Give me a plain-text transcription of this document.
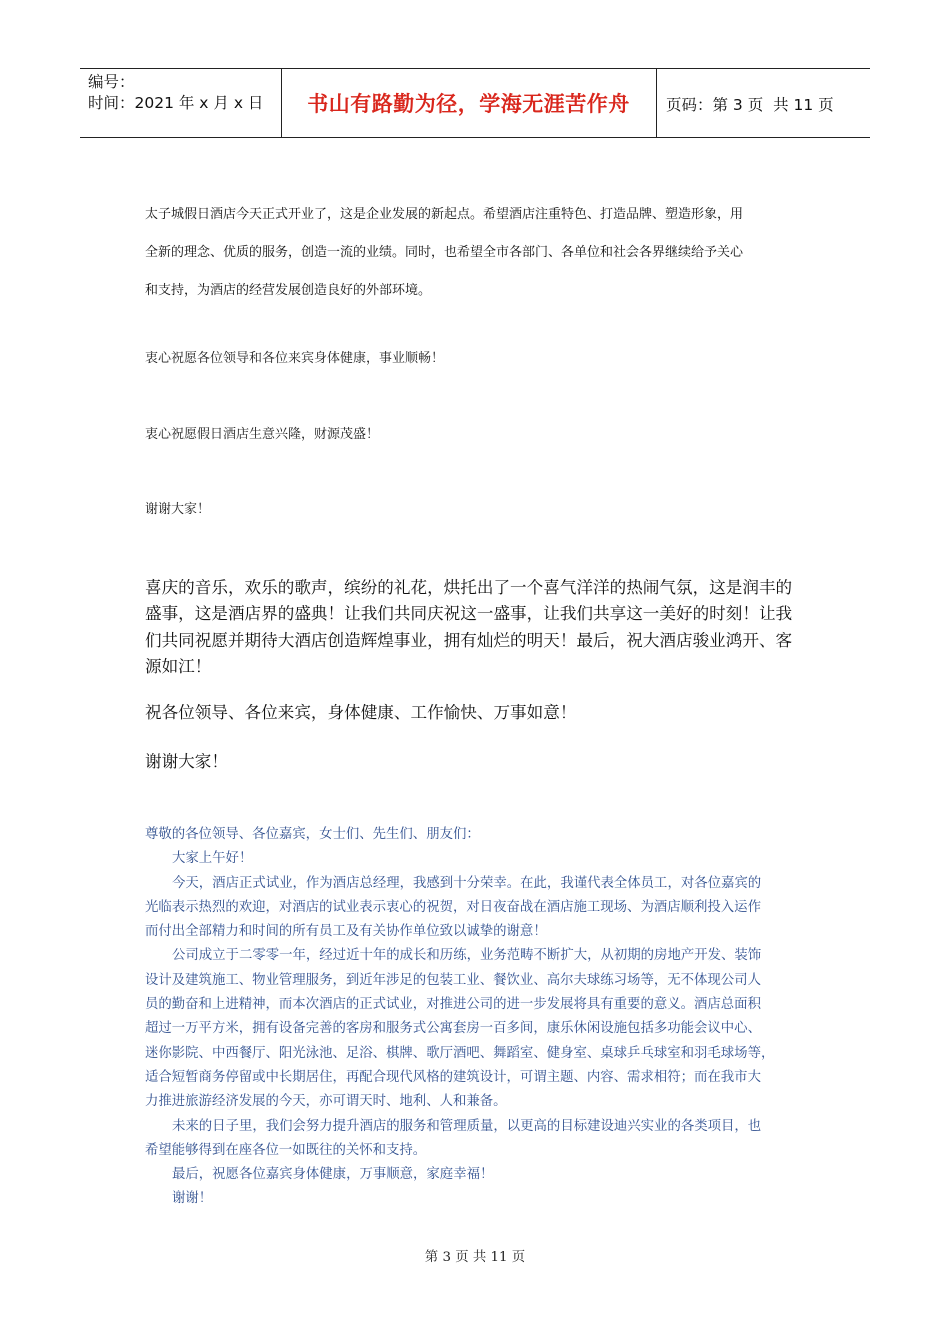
编号：
时间：2021 年 x 月 x 日	书山有路勤为径，学海无涯苦作舟	页码：第 3 页  共 11 页
太子城假日酒店今天正式开业了，这是企业发展的新起点。希望酒店注重特色、打造品牌、塑造形象，用
全新的理念、优质的服务，创造一流的业绩。同时，也希望全市各部门、各单位和社会各界继续给予关心
和支持，为酒店的经营发展创造良好的外部环境。
衷心祝愿各位领导和各位来宾身体健康，事业顺畅！
衷心祝愿假日酒店生意兴隆，财源茂盛！
谢谢大家！
喜庆的音乐，欢乐的歌声，缤纷的礼花，烘托出了一个喜气洋洋的热闹气氛，这是润丰的
盛事，这是酒店界的盛典！让我们共同庆祝这一盛事，让我们共享这一美好的时刻！让我
们共同祝愿并期待大酒店创造辉煌事业，拥有灿烂的明天！最后，祝大酒店骏业鸿开、客
源如江！
祝各位领导、各位来宾，身体健康、工作愉快、万事如意！
谢谢大家！
尊敬的各位领导、各位嘉宾，女士们、先生们、朋友们：
大家上午好！
今天，酒店正式试业，作为酒店总经理，我感到十分荣幸。在此，我谨代表全体员工，对各位嘉宾的
光临表示热烈的欢迎，对酒店的试业表示衷心的祝贺，对日夜奋战在酒店施工现场、为酒店顺利投入运作
而付出全部精力和时间的所有员工及有关协作单位致以诚挚的谢意！
公司成立于二零零一年，经过近十年的成长和历练，业务范畴不断扩大，从初期的房地产开发、装饰
设计及建筑施工、物业管理服务，到近年涉足的包装工业、餐饮业、高尔夫球练习场等，无不体现公司人
员的勤奋和上进精神，而本次酒店的正式试业，对推进公司的进一步发展将具有重要的意义。酒店总面积
超过一万平方米，拥有设备完善的客房和服务式公寓套房一百多间，康乐休闲设施包括多功能会议中心、
迷你影院、中西餐厅、阳光泳池、足浴、棋牌、歌厅酒吧、舞蹈室、健身室、桌球乒乓球室和羽毛球场等，
适合短暂商务停留或中长期居住，再配合现代风格的建筑设计，可谓主题、内容、需求相符；而在我市大
力推进旅游经济发展的今天，亦可谓天时、地利、人和兼备。
未来的日子里，我们会努力提升酒店的服务和管理质量，以更高的目标建设迪兴实业的各类项目，也
希望能够得到在座各位一如既往的关怀和支持。
最后，祝愿各位嘉宾身体健康，万事顺意，家庭幸福！
谢谢！
第 3 页 共 11 页
